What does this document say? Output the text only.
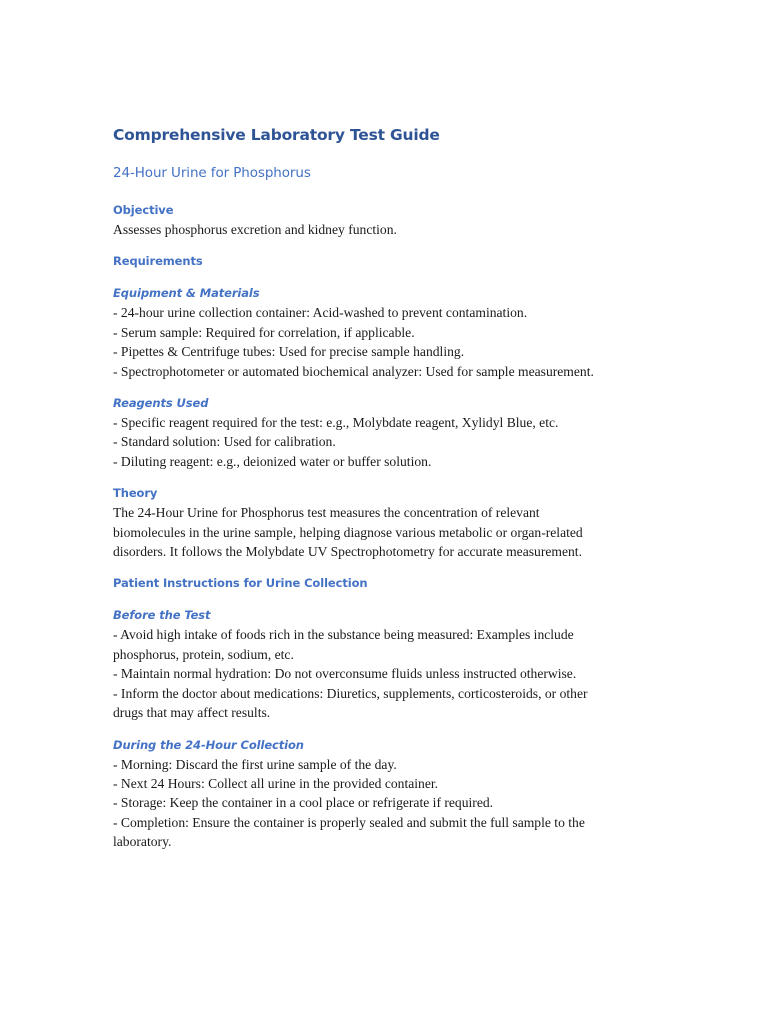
Comprehensive Laboratory Test Guide
24-Hour Urine for Phosphorus
Objective

Assesses phosphorus excretion and kidney function.

Requirements
Equipment & Materials

- 24-hour urine collection container: Acid-washed to prevent contamination.
- Serum sample: Required for correlation, if applicable.
- Pipettes & Centrifuge tubes: Used for precise sample handling.
- Spectrophotometer or automated biochemical analyzer: Used for sample measurement.

Reagents Used

- Specific reagent required for the test: e.g., Molybdate reagent, Xylidyl Blue, etc.
- Standard solution: Used for calibration.
- Diluting reagent: e.g., deionized water or buffer solution.

Theory

The 24-Hour Urine for Phosphorus test measures the concentration of relevant
biomolecules in the urine sample, helping diagnose various metabolic or organ-related
disorders. It follows the Molybdate UV Spectrophotometry for accurate measurement.

Patient Instructions for Urine Collection
Before the Test

- Avoid high intake of foods rich in the substance being measured: Examples include
phosphorus, protein, sodium, etc.
- Maintain normal hydration: Do not overconsume fluids unless instructed otherwise.
- Inform the doctor about medications: Diuretics, supplements, corticosteroids, or other
drugs that may affect results.

During the 24-Hour Collection

- Morning: Discard the first urine sample of the day.
- Next 24 Hours: Collect all urine in the provided container.
- Storage: Keep the container in a cool place or refrigerate if required.
- Completion: Ensure the container is properly sealed and submit the full sample to the
laboratory.
